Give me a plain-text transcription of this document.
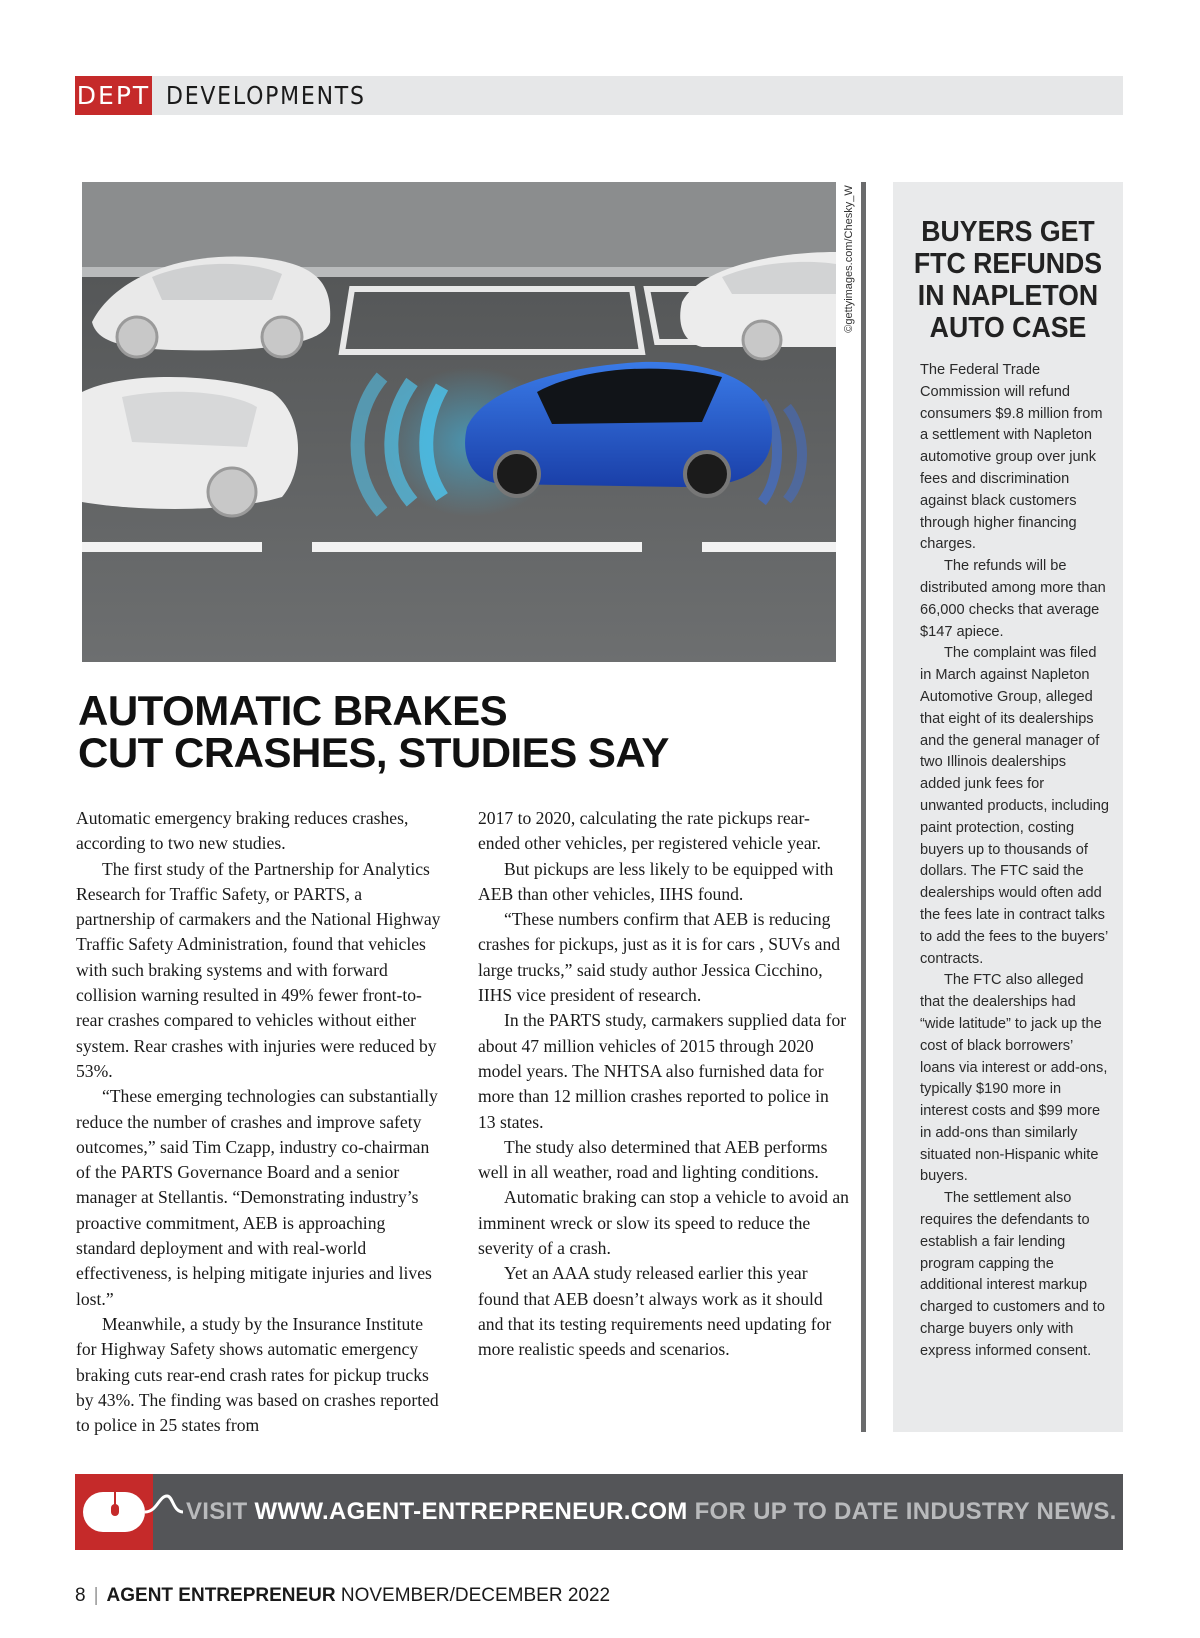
DEPT DEVELOPMENTS
©gettyimages.com/Chesky_W
AUTOMATIC BRAKES
CUT CRASHES, STUDIES SAY

Automatic emergency braking reduces crashes, according to two new studies.

The first study of the Partnership for Analytics Research for Traffic Safety, or PARTS, a partnership of carmakers and the National Highway Traffic Safety Administration, found that vehicles with such braking systems and with forward collision warning resulted in 49% fewer front-to-rear crashes compared to vehicles without either system. Rear crashes with injuries were reduced by 53%.

“These emerging technologies can substantially reduce the number of crashes and improve safety outcomes,” said Tim Czapp, industry co-chairman of the PARTS Governance Board and a senior manager at Stellantis. “Demonstrating industry’s proactive commitment, AEB is approaching standard deployment and with real-world effectiveness, is helping mitigate injuries and lives lost.”

Meanwhile, a study by the Insurance Institute for Highway Safety shows automatic emergency braking cuts rear-end crash rates for pickup trucks by 43%. The finding was based on crashes reported to police in 25 states from

2017 to 2020, calculating the rate pickups rear-ended other vehicles, per registered vehicle year.

But pickups are less likely to be equipped with AEB than other vehicles, IIHS found.

“These numbers confirm that AEB is reducing crashes for pickups, just as it is for cars , SUVs and large trucks,” said study author Jessica Cicchino, IIHS vice president of research.

In the PARTS study, carmakers supplied data for about 47 million vehicles of 2015 through 2020 model years. The NHTSA also furnished data for more than 12 million crashes reported to police in 13 states.

The study also determined that AEB performs well in all weather, road and lighting conditions.

Automatic braking can stop a vehicle to avoid an imminent wreck or slow its speed to reduce the severity of a crash.

Yet an AAA study released earlier this year found that AEB doesn’t always work as it should and that its testing requirements need updating for more realistic speeds and scenarios.

BUYERS GET
FTC REFUNDS
IN NAPLETON
AUTO CASE

The Federal Trade Commission will refund consumers $9.8 million from a settlement with Napleton automotive group over junk fees and discrimination against black customers through higher financing charges.

The refunds will be distributed among more than 66,000 checks that average $147 apiece.

The complaint was filed in March against Napleton Automotive Group, alleged that eight of its dealerships and the general manager of two Illinois dealerships added junk fees for unwanted products, including paint protection, costing buyers up to thousands of dollars. The FTC said the dealerships would often add the fees late in contract talks to add the fees to the buyers’ contracts.

The FTC also alleged that the dealerships had “wide latitude” to jack up the cost of black borrowers’ loans via interest or add-ons, typically $190 more in interest costs and $99 more in add-ons than similarly situated non-Hispanic white buyers.

The settlement also requires the defendants to establish a fair lending program capping the additional interest markup charged to customers and to charge buyers only with express informed consent.

VISIT WWW.AGENT-ENTREPRENEUR.COM FOR UP TO DATE INDUSTRY NEWS.
8 | AGENT ENTREPRENEUR NOVEMBER/DECEMBER 2022
